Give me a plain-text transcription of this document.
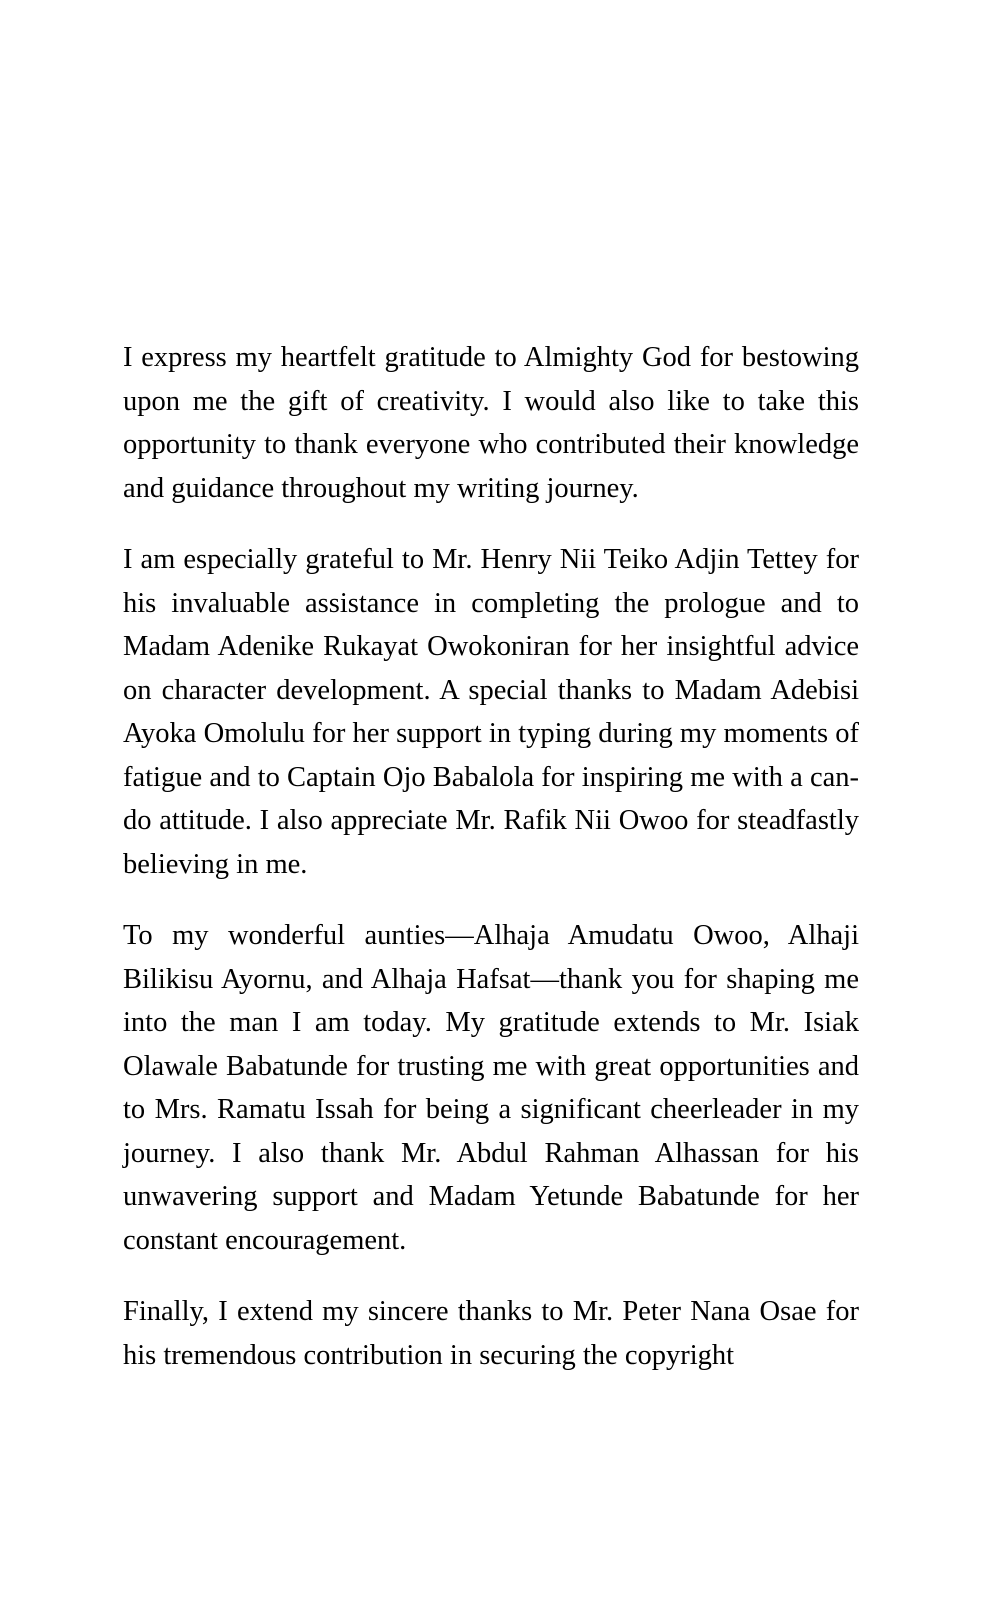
I express my heartfelt gratitude to Almighty God for bestowing upon me the gift of creativity. I would also like to take this opportunity to thank everyone who contributed their knowledge and guidance throughout my writing journey.

I am especially grateful to Mr. Henry Nii Teiko Adjin Tettey for his invaluable assistance in completing the prologue and to Madam Adenike Rukayat Owokoniran for her insightful advice on character development. A special thanks to Madam Adebisi Ayoka Omolulu for her support in typing during my moments of fatigue and to Captain Ojo Babalola for inspiring me with a can-do attitude. I also appreciate Mr. Rafik Nii Owoo for steadfastly believing in me.

To my wonderful aunties—Alhaja Amudatu Owoo, Alhaji Bilikisu Ayornu, and Alhaja Hafsat—thank you for shaping me into the man I am today. My gratitude extends to Mr. Isiak Olawale Babatunde for trusting me with great opportunities and to Mrs. Ramatu Issah for being a significant cheerleader in my journey. I also thank Mr. Abdul Rahman Alhassan for his unwavering support and Madam Yetunde Babatunde for her constant encouragement.

Finally, I extend my sincere thanks to Mr. Peter Nana Osae for his tremendous contribution in securing the copyright
